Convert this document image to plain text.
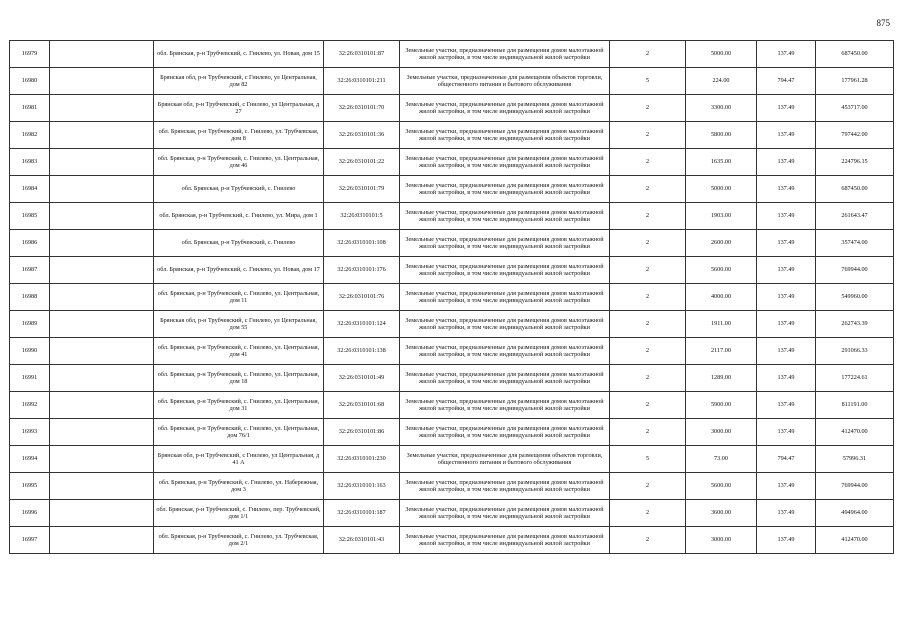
875
16979		обл. Брянская, р-н Трубчевский, с. Гнилево, ул. Новая, дом 15	32:26:0310101:87	Земельные участки, предназначенные для размещения домов малоэтажной жилой застройки, в том числе индивидуальной жилой застройки	2	5000.00	137.49	687450.00
16980		Брянская обл, р-н Трубчевский, с Гнилево, ул Центральная, дом 82	32:26:0310101:211	Земельные участки, предназначенные для размещения объектов торговли, общественного питания и бытового обслуживания	5	224.00	794.47	177961.28
16981		Брянская обл, р-н Трубчевский, с Гнилево, ул Центральная, д 27	32:26:0310101:70	Земельные участки, предназначенные для размещения домов малоэтажной жилой застройки, в том числе индивидуальной жилой застройки	2	3300.00	137.49	453717.00
16982		обл. Брянская, р-н Трубчевский, с. Гнилево, ул. Трубчевская, дом 8	32:26:0310101:36	Земельные участки, предназначенные для размещения домов малоэтажной жилой застройки, в том числе индивидуальной жилой застройки	2	5800.00	137.49	797442.00
16983		обл. Брянская, р-н Трубчевский, с. Гнилево, ул. Центральная, дом 46	32:26:0310101:22	Земельные участки, предназначенные для размещения домов малоэтажной жилой застройки, в том числе индивидуальной жилой застройки	2	1635.00	137.49	224796.15
16984		обл. Брянская, р-н Трубчевский, с. Гнилево	32:26:0310101:79	Земельные участки, предназначенные для размещения домов малоэтажной жилой застройки, в том числе индивидуальной жилой застройки	2	5000.00	137.49	687450.00
16985		обл. Брянская, р-н Трубчевский, с. Гнилево, ул. Мира, дом 1	32:26:0310101:5	Земельные участки, предназначенные для размещения домов малоэтажной жилой застройки, в том числе индивидуальной жилой застройки	2	1903.00	137.49	261643.47
16986		обл. Брянская, р-н Трубчевский, с. Гнилево	32:26:0310101:108	Земельные участки, предназначенные для размещения домов малоэтажной жилой застройки, в том числе индивидуальной жилой застройки	2	2600.00	137.49	357474.00
16987		обл. Брянская, р-н Трубчевский, с. Гнилево, ул. Новая, дом 17	32:26:0310101:176	Земельные участки, предназначенные для размещения домов малоэтажной жилой застройки, в том числе индивидуальной жилой застройки	2	5600.00	137.49	769944.00
16988		обл. Брянская, р-н Трубчевский, с. Гнилево, ул. Центральная, дом 11	32:26:0310101:76	Земельные участки, предназначенные для размещения домов малоэтажной жилой застройки, в том числе индивидуальной жилой застройки	2	4000.00	137.49	549960.00
16989		Брянская обл, р-н Трубчевский, с Гнилево, ул Центральная, дом 55	32:26:0310101:124	Земельные участки, предназначенные для размещения домов малоэтажной жилой застройки, в том числе индивидуальной жилой застройки	2	1911.00	137.49	262743.39
16990		обл. Брянская, р-н Трубчевский, с. Гнилево, ул. Центральная, дом 41	32:26:0310101:138	Земельные участки, предназначенные для размещения домов малоэтажной жилой застройки, в том числе индивидуальной жилой застройки	2	2117.00	137.49	291066.33
16991		обл. Брянская, р-н Трубчевский, с. Гнилево, ул. Центральная, дом 18	32:26:0310101:49	Земельные участки, предназначенные для размещения домов малоэтажной жилой застройки, в том числе индивидуальной жилой застройки	2	1289.00	137.49	177224.61
16992		обл. Брянская, р-н Трубчевский, с. Гнилево, ул. Центральная, дом 31	32:26:0310101:68	Земельные участки, предназначенные для размещения домов малоэтажной жилой застройки, в том числе индивидуальной жилой застройки	2	5900.00	137.49	811191.00
16993		обл. Брянская, р-н Трубчевский, с. Гнилево, ул. Центральная, дом 76/1	32:26:0310101:86	Земельные участки, предназначенные для размещения домов малоэтажной жилой застройки, в том числе индивидуальной жилой застройки	2	3000.00	137.49	412470.00
16994		Брянская обл, р-н Трубчевский, с Гнилево, ул Центральная, д 41 А	32:26:0310101:230	Земельные участки, предназначенные для размещения объектов торговли, общественного питания и бытового обслуживания	5	73.00	794.47	57996.31
16995		обл. Брянская, р-н Трубчевский, с. Гнилево, ул. Набережная, дом 3	32:26:0310101:163	Земельные участки, предназначенные для размещения домов малоэтажной жилой застройки, в том числе индивидуальной жилой застройки	2	5600.00	137.49	769944.00
16996		обл. Брянская, р-н Трубчевский, с. Гнилево, пер. Трубчевский, дом 1/1	32:26:0310101:187	Земельные участки, предназначенные для размещения домов малоэтажной жилой застройки, в том числе индивидуальной жилой застройки	2	3600.00	137.49	494964.00
16997		обл. Брянская, р-н Трубчевский, с. Гнилево, ул. Трубчевская, дом 2/1	32:26:0310101:43	Земельные участки, предназначенные для размещения домов малоэтажной жилой застройки, в том числе индивидуальной жилой застройки	2	3000.00	137.49	412470.00
